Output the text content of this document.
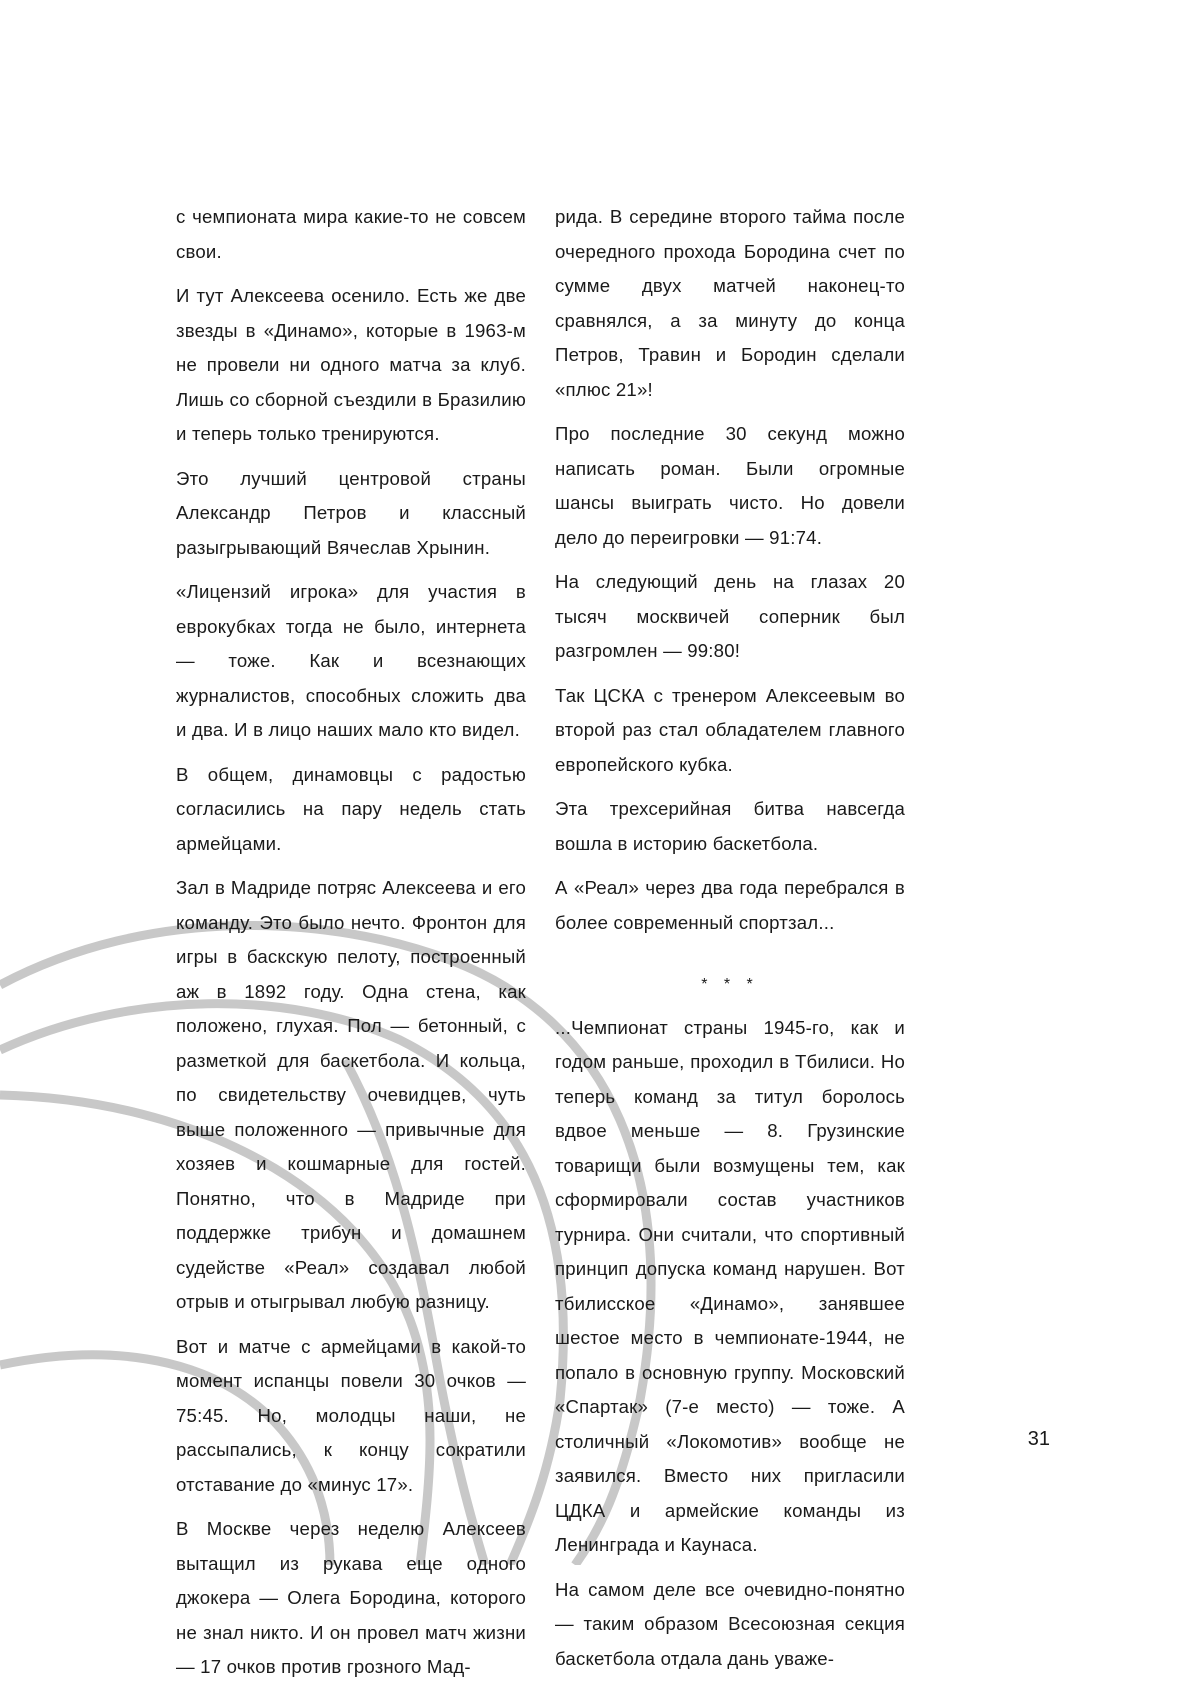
с чемпионата мира какие-то не совсем свои.

И тут Алексеева осенило. Есть же две звезды в «Динамо», которые в 1963-м не провели ни одного матча за клуб. Лишь со сборной съездили в Бразилию и теперь только тренируются.

Это лучший центровой страны Александр Петров и классный разыгрывающий Вячеслав Хрынин.

«Лицензий игрока» для участия в еврокубках тогда не было, интернета — тоже. Как и всезнающих журналистов, способных сложить два и два. И в лицо наших мало кто видел.

В общем, динамовцы с радостью согласились на пару недель стать армейцами.

Зал в Мадриде потряс Алексеева и его команду. Это было нечто. Фронтон для игры в баскскую пелоту, построенный аж в 1892 году. Одна стена, как положено, глухая. Пол — бетонный, с разметкой для баскетбола. И кольца, по свидетельству очевидцев, чуть выше положенного — привычные для хозяев и кошмарные для гостей. Понятно, что в Мадриде при поддержке трибун и домашнем судействе «Реал» создавал любой отрыв и отыгрывал любую разницу.

Вот и матче с армейцами в какой-то момент испанцы повели 30 очков — 75:45. Но, молодцы наши, не рассыпались, к концу сократили отставание до «минус 17».

В Москве через неделю Алексеев вытащил из рукава еще одного джокера — Олега Бородина, которого не знал никто. И он провел матч жизни — 17 очков против грозного Мад-

рида. В середине второго тайма после очередного прохода Бородина счет по сумме двух матчей наконец-то сравнялся, а за минуту до конца Петров, Травин и Бородин сделали «плюс 21»!

Про последние 30 секунд можно написать роман. Были огромные шансы выиграть чисто. Но довели дело до переигровки — 91:74.

На следующий день на глазах 20 тысяч москвичей соперник был разгромлен — 99:80!

Так ЦСКА с тренером Алексеевым во второй раз стал обладателем главного европейского кубка.

Эта трехсерийная битва навсегда вошла в историю баскетбола.

А «Реал» через два года перебрался в более современный спортзал...

* * *

...Чемпионат страны 1945-го, как и годом раньше, проходил в Тбилиси. Но теперь команд за титул боролось вдвое меньше — 8. Грузинские товарищи были возмущены тем, как сформировали состав участников турнира. Они считали, что спортивный принцип допуска команд нарушен. Вот тбилисское «Динамо», занявшее шестое место в чемпионате-1944, не попало в основную группу. Московский «Спартак» (7-е место) — тоже. А столичный «Локомотив» вообще не заявился. Вместо них пригласили ЦДКА и армейские команды из Ленинграда и Каунаса.

На самом деле все очевидно-понятно — таким образом Всесоюзная секция баскетбола отдала дань уваже-

31
